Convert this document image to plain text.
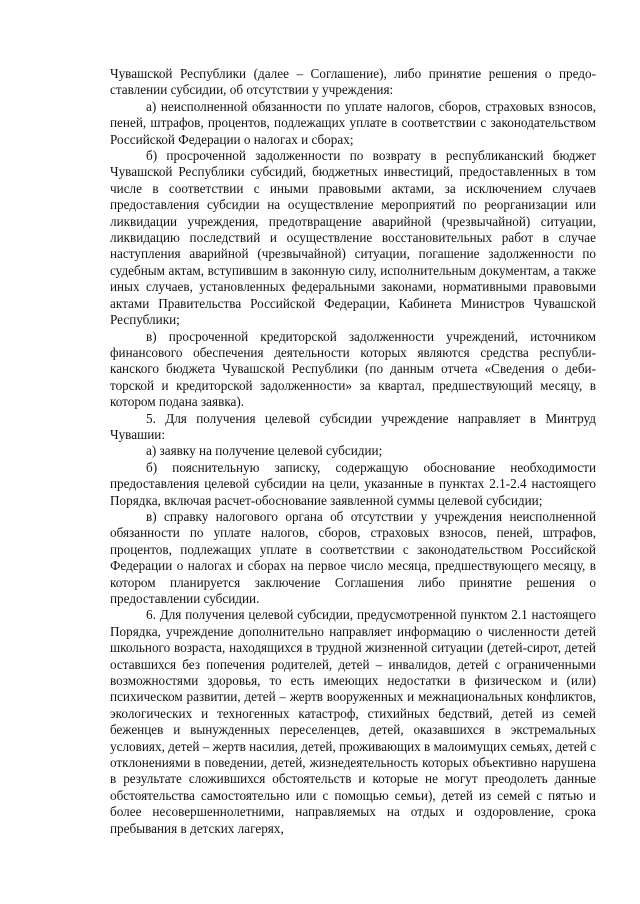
Чувашской Республики (далее – Соглашение), либо принятие решения о предоставлении субсидии, об отсутствии у учреждения:

а) неисполненной обязанности по уплате налогов, сборов, страховых взносов, пеней, штрафов, процентов, подлежащих уплате в соответствии с законодательством Российской Федерации о налогах и сборах;

б) просроченной задолженности по возврату в республиканский бюджет Чувашской Республики субсидий, бюджетных инвестиций, предоставленных в том числе в соответствии с иными правовыми актами, за исключением случаев предоставления субсидии на осуществление мероприятий по реорганизации или ликвидации учреждения, предотвращение аварийной (чрезвычайной) ситуации, ликвидацию последствий и осуществление восстановительных работ в случае наступления аварийной (чрезвычайной) ситуации, погашение задолженности по судебным актам, вступившим в законную силу, исполнительным документам, а также иных случаев, установленных федеральными законами, нормативными правовыми актами Правительства Российской Федерации, Кабинета Министров Чувашской Республики;

в) просроченной кредиторской задолженности учреждений, источником финансового обеспечения деятельности которых являются средства республиканского бюджета Чувашской Республики (по данным отчета «Сведения о дебиторской и кредиторской задолженности» за квартал, предшествующий месяцу, в котором подана заявка).

5. Для получения целевой субсидии учреждение направляет в Минтруд Чувашии:

а) заявку на получение целевой субсидии;

б) пояснительную записку, содержащую обоснование необходимости предоставления целевой субсидии на цели, указанные в пунктах 2.1-2.4 настоящего Порядка, включая расчет-обоснование заявленной суммы целевой субсидии;

в) справку налогового органа об отсутствии у учреждения неисполненной обязанности по уплате налогов, сборов, страховых взносов, пеней, штрафов, процентов, подлежащих уплате в соответствии с законодательством Российской Федерации о налогах и сборах на первое число месяца, предшествующего месяцу, в котором планируется заключение Соглашения либо принятие решения о предоставлении субсидии.

6. Для получения целевой субсидии, предусмотренной пунктом 2.1 настоящего Порядка, учреждение дополнительно направляет информацию о численности детей школьного возраста, находящихся в трудной жизненной ситуации (детей-сирот, детей оставшихся без попечения родителей, детей – инвалидов, детей с ограниченными возможностями здоровья, то есть имеющих недостатки в физическом и (или) психическом развитии, детей – жертв вооруженных и межнациональных конфликтов, экологических и техногенных катастроф, стихийных бедствий, детей из семей беженцев и вынужденных переселенцев, детей, оказавшихся в экстремальных условиях, детей – жертв насилия, детей, проживающих в малоимущих семьях, детей с отклонениями в поведении, детей, жизнедеятельность которых объективно нарушена в результате сложившихся обстоятельств и которые не могут преодолеть данные обстоятельства самостоятельно или с помощью семьи), детей из семей с пятью и более несовершеннолетними, направляемых на отдых и оздоровление, срока пребывания в детских лагерях,
